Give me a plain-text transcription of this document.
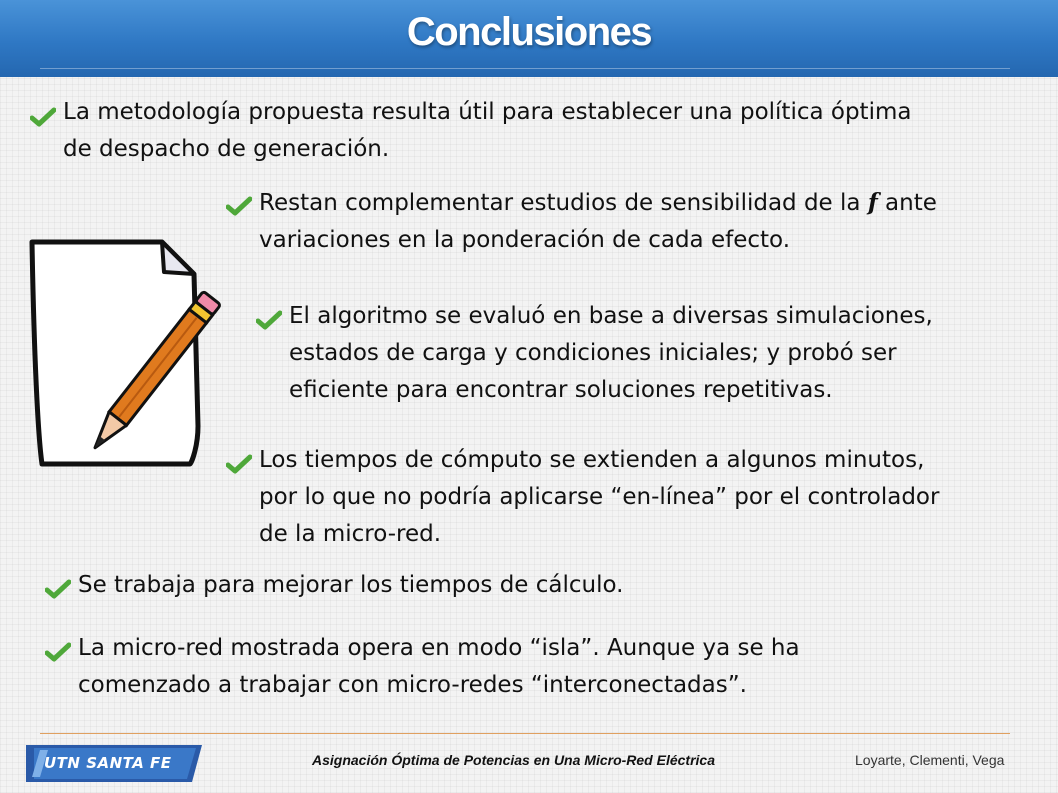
Conclusiones
La metodología propuesta resulta útil para establecer una política óptima
de despacho de generación.
Restan complementar estudios de sensibilidad de la f ante
variaciones en la ponderación de cada efecto.
El algoritmo se evaluó en base a diversas simulaciones,
estados de carga y condiciones iniciales; y probó ser
eficiente para encontrar soluciones repetitivas.
Los tiempos de cómputo se extienden a algunos minutos,
por lo que no podría aplicarse “en-línea” por el controlador
de la micro-red.
Se trabaja para mejorar los tiempos de cálculo.
La micro-red mostrada opera en modo “isla”. Aunque ya se ha
comenzado a trabajar con micro-redes “interconectadas”.
UTN SANTA FE	Asignación Óptima de Potencias en Una Micro-Red Eléctrica	Loyarte, Clementi, Vega
